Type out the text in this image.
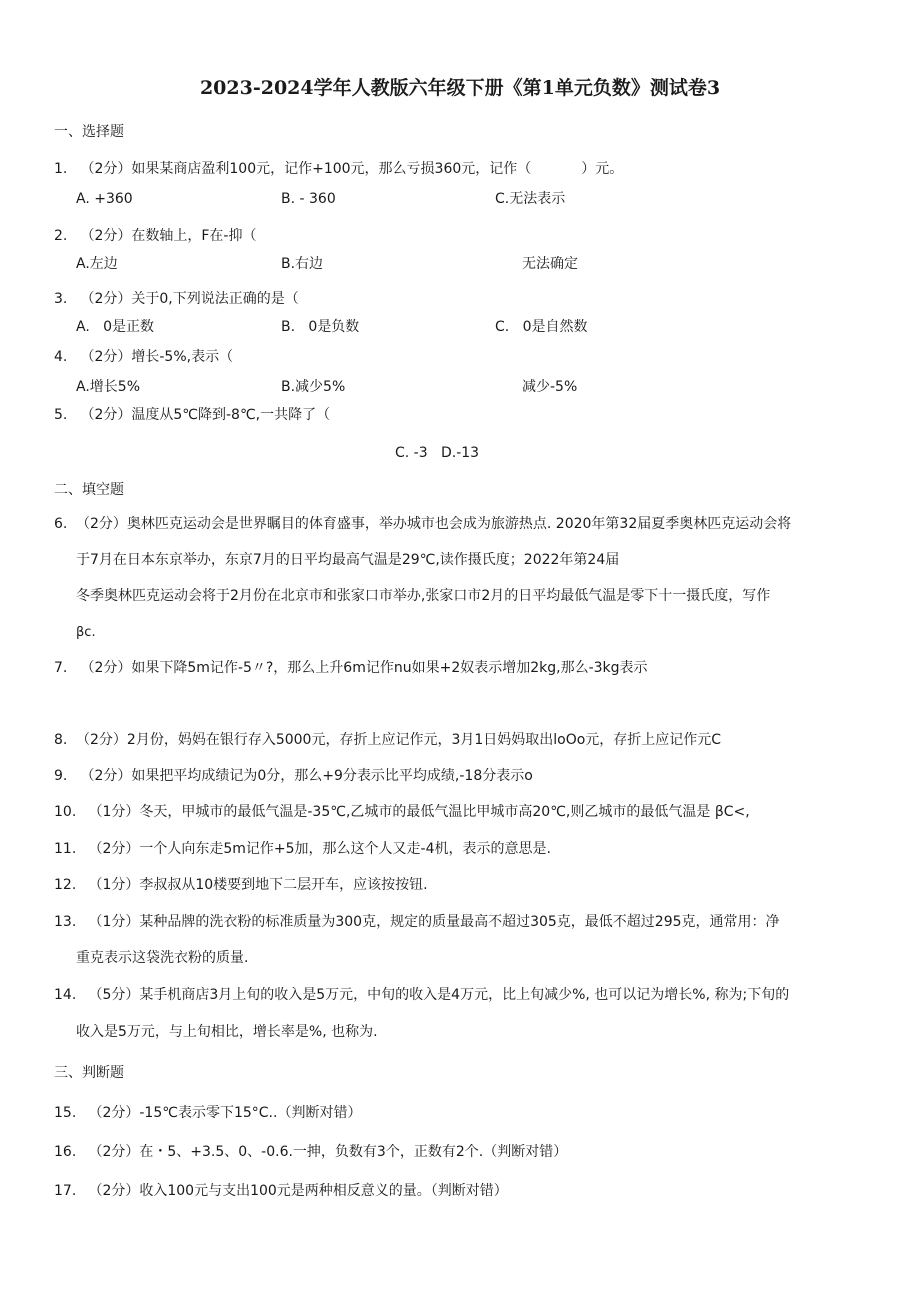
2023-2024学年人教版六年级下册《第1单元负数》测试卷3
一、选择题
1. （2分）如果某商店盈利100元，记作+100元，那么亏损360元，记作（	）元。
A. +360	B. - 360	C.无法表示
2. （2分）在数轴上，F在-抑（
A.左边	B.右边	无法确定
3. （2分）关于0,下列说法正确的是（
A.   0是正数	B.   0是负数	C.   0是自然数
4. （2分）增长-5%,表示（
A.增长5%	B.减少5%	减少-5%
5. （2分）温度从5℃降到-8℃,一共降了（
C. -3   D.-13
二、填空题
6. （2分）奥林匹克运动会是世界瞩目的体育盛事，举办城市也会成为旅游热点. 2020年第32届夏季奥林匹克运动会将
于7月在日本东京举办，东京7月的日平均最高气温是29℃,读作摄氏度；2022年第24届
冬季奥林匹克运动会将于2月份在北京市和张家口市举办,张家口市2月的日平均最低气温是零下十一摄氏度，写作
βc.
7. （2分）如果下降5m记作-5〃?，那么上升6m记作nu如果+2奴表示增加2kg,那么-3kg表示
8. （2分）2月份，妈妈在银行存入5000元，存折上应记作元，3月1日妈妈取出loOo元，存折上应记作元C
9. （2分）如果把平均成绩记为0分，那么+9分表示比平均成绩,-18分表示o
10. （1分）冬天，甲城市的最低气温是-35℃,乙城市的最低气温比甲城市高20℃,则乙城市的最低气温是 βC<,
11. （2分）一个人向东走5m记作+5加，那么这个人又走-4机，表示的意思是.
12. （1分）李叔叔从10楼要到地下二层开车，应该按按钮.
13. （1分）某种品牌的洗衣粉的标准质量为300克，规定的质量最高不超过305克，最低不超过295克，通常用：净
重克表示这袋洗衣粉的质量.
14. （5分）某手机商店3月上旬的收入是5万元，中旬的收入是4万元，比上旬减少%, 也可以记为增长%, 称为;下旬的
收入是5万元，与上旬相比，增长率是%, 也称为.
三、判断题
15. （2分）-15℃表示零下15°C..（判断对错）
16. （2分）在・5、+3.5、0、-0.6.一抻，负数有3个，正数有2个.（判断对错）
17. （2分）收入100元与支出100元是两种相反意义的量。（判断对错）
